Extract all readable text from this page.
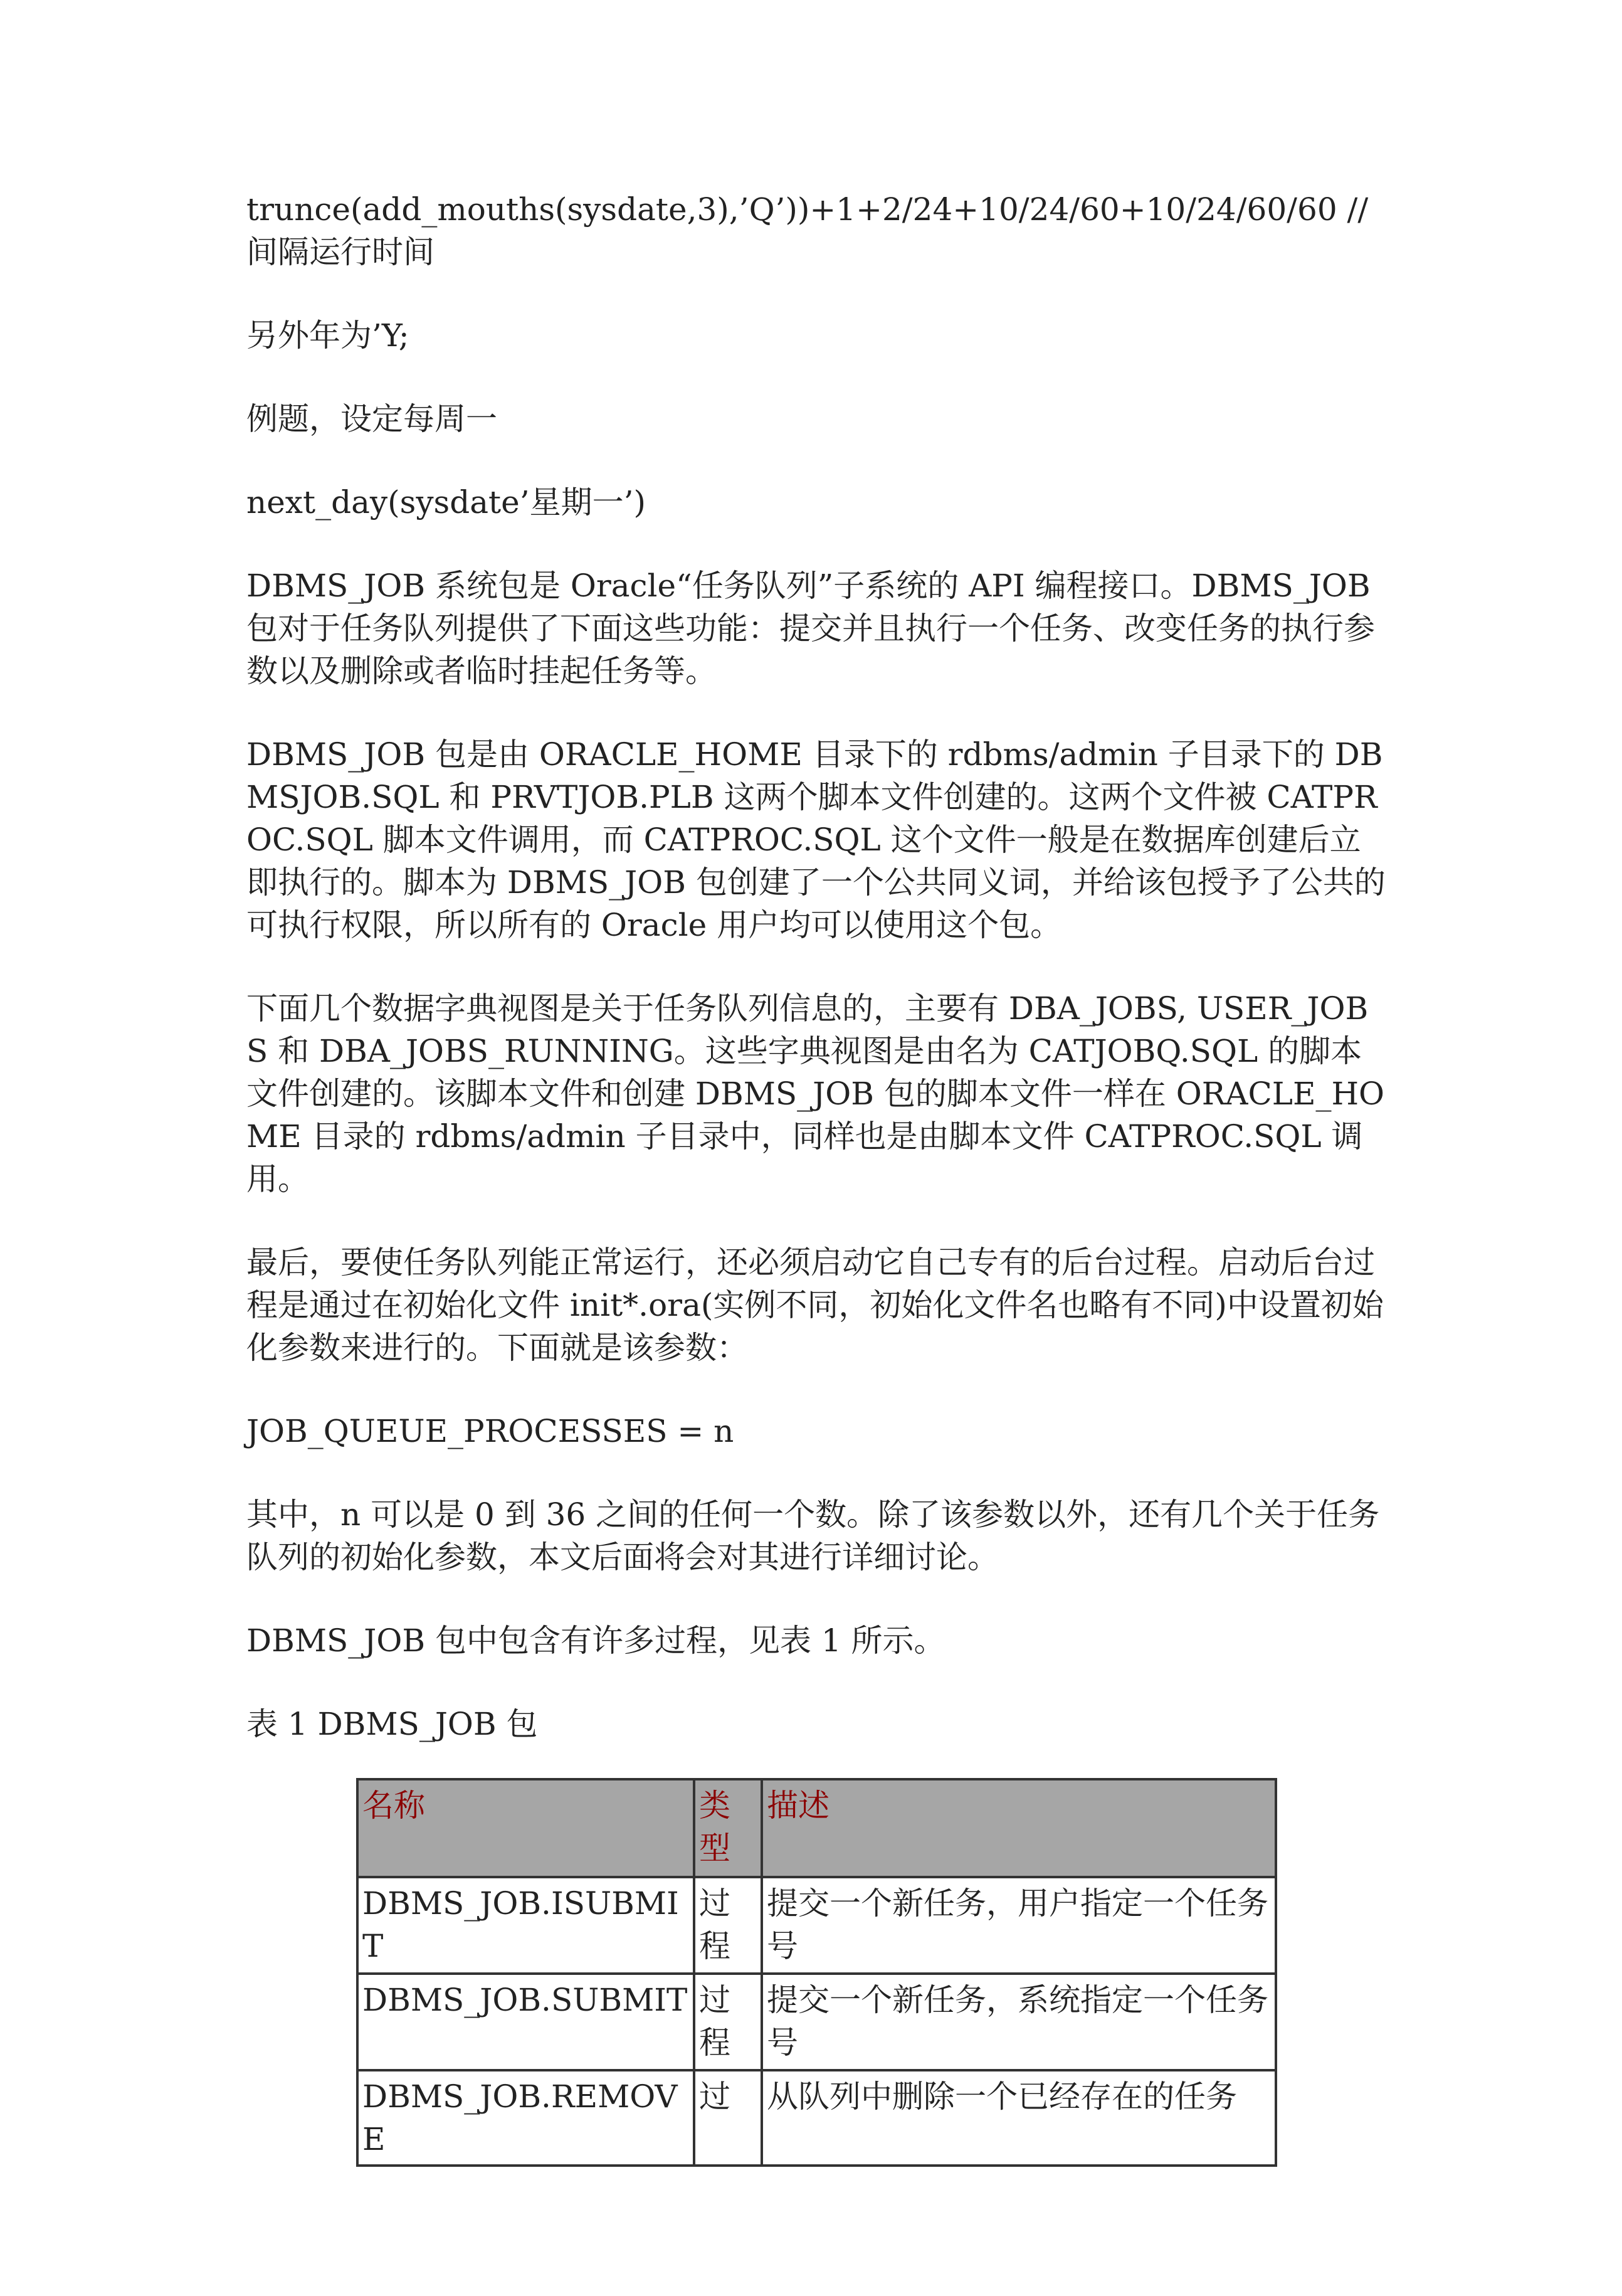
trunce(add_mouths(sysdate,3),’Q’))+1+2/24+10/24/60+10/24/60/60 //间隔运行时间

另外年为’Y;

例题，设定每周一

next_day(sysdate’星期一’)

DBMS_JOB 系统包是 Oracle“任务队列”子系统的 API 编程接口。DBMS_JOB 包对于任务队列提供了下面这些功能：提交并且执行一个任务、改变任务的执行参数以及删除或者临时挂起任务等。

DBMS_JOB 包是由 ORACLE_HOME 目录下的 rdbms/admin 子目录下的 DBMSJOB.SQL 和 PRVTJOB.PLB 这两个脚本文件创建的。这两个文件被 CATPROC.SQL 脚本文件调用，而 CATPROC.SQL 这个文件一般是在数据库创建后立即执行的。脚本为 DBMS_JOB 包创建了一个公共同义词，并给该包授予了公共的可执行权限，所以所有的 Oracle 用户均可以使用这个包。

下面几个数据字典视图是关于任务队列信息的，主要有 DBA_JOBS, USER_JOBS 和 DBA_JOBS_RUNNING。这些字典视图是由名为 CATJOBQ.SQL 的脚本文件创建的。该脚本文件和创建 DBMS_JOB 包的脚本文件一样在 ORACLE_HOME 目录的 rdbms/admin 子目录中，同样也是由脚本文件 CATPROC.SQL 调用。

最后，要使任务队列能正常运行，还必须启动它自己专有的后台过程。启动后台过程是通过在初始化文件 init*.ora(实例不同，初始化文件名也略有不同)中设置初始化参数来进行的。下面就是该参数：

JOB_QUEUE_PROCESSES = n

其中，n 可以是 0 到 36 之间的任何一个数。除了该参数以外，还有几个关于任务队列的初始化参数，本文后面将会对其进行详细讨论。

DBMS_JOB 包中包含有许多过程，见表 1 所示。

表 1 DBMS_JOB 包

名称	类型	描述
DBMS_JOB.ISUBMIT	过程	提交一个新任务，用户指定一个任务号
DBMS_JOB.SUBMIT	过程	提交一个新任务，系统指定一个任务号
DBMS_JOB.REMOVE	过	从队列中删除一个已经存在的任务
